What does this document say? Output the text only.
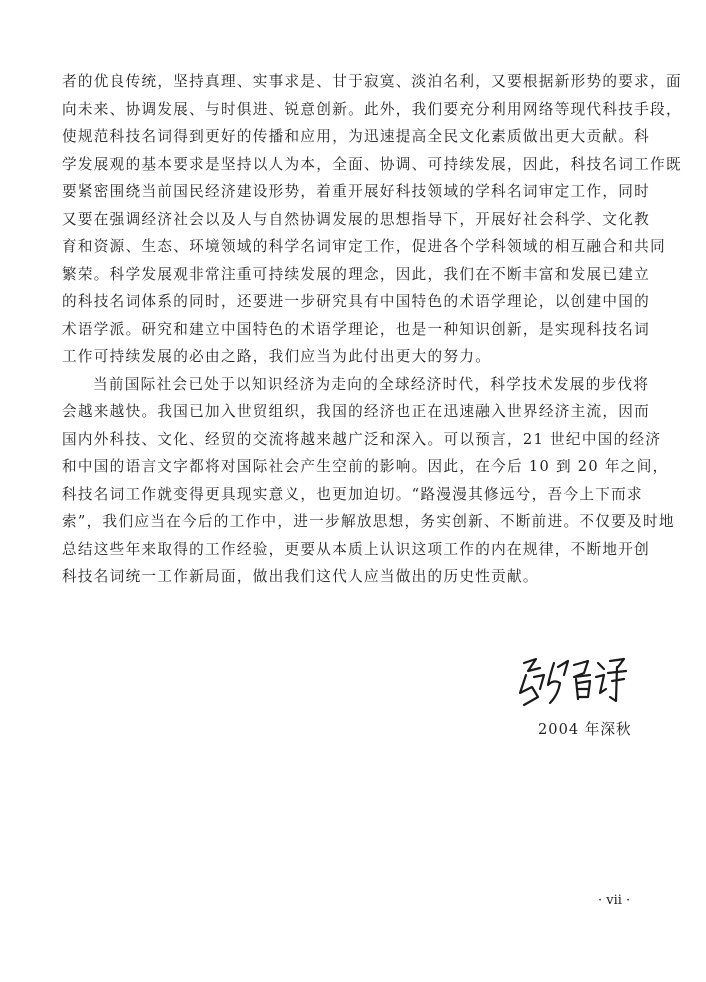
者的优良传统，坚持真理、实事求是、甘于寂寞、淡泊名利，又要根据新形势的要求，面
向未来、协调发展、与时俱进、锐意创新。此外，我们要充分利用网络等现代科技手段，
使规范科技名词得到更好的传播和应用，为迅速提高全民文化素质做出更大贡献。科
学发展观的基本要求是坚持以人为本，全面、协调、可持续发展，因此，科技名词工作既
要紧密围绕当前国民经济建设形势，着重开展好科技领域的学科名词审定工作，同时
又要在强调经济社会以及人与自然协调发展的思想指导下，开展好社会科学、文化教
育和资源、生态、环境领域的科学名词审定工作，促进各个学科领域的相互融合和共同
繁荣。科学发展观非常注重可持续发展的理念，因此，我们在不断丰富和发展已建立
的科技名词体系的同时，还要进一步研究具有中国特色的术语学理论，以创建中国的
术语学派。研究和建立中国特色的术语学理论，也是一种知识创新，是实现科技名词
工作可持续发展的必由之路，我们应当为此付出更大的努力。
当前国际社会已处于以知识经济为走向的全球经济时代，科学技术发展的步伐将
会越来越快。我国已加入世贸组织，我国的经济也正在迅速融入世界经济主流，因而
国内外科技、文化、经贸的交流将越来越广泛和深入。可以预言，21 世纪中国的经济
和中国的语言文字都将对国际社会产生空前的影响。因此，在今后 10 到 20 年之间，
科技名词工作就变得更具现实意义，也更加迫切。“路漫漫其修远兮，吾今上下而求
索”，我们应当在今后的工作中，进一步解放思想，务实创新、不断前进。不仅要及时地
总结这些年来取得的工作经验，更要从本质上认识这项工作的内在规律，不断地开创
科技名词统一工作新局面，做出我们这代人应当做出的历史性贡献。
2004 年深秋
· vii ·
